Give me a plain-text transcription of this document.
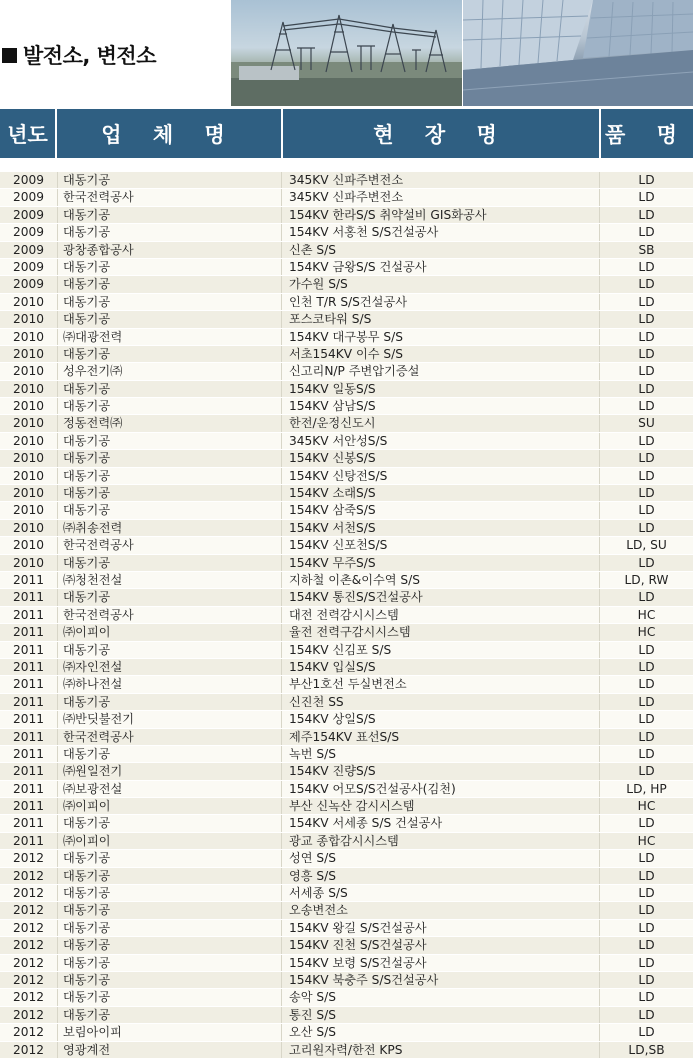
발전소, 변전소
년도	업 체 명	현 장 명	품 명
2009	대동기공	345KV 신파주변전소	LD
2009	한국전력공사	345KV 신파주변전소	LD
2009	대동기공	154KV 한라S/S 취약설비 GIS화공사	LD
2009	대동기공	154KV 서홍천 S/S건설공사	LD
2009	광창종합공사	신촌 S/S	SB
2009	대동기공	154KV 금왕S/S 건설공사	LD
2009	대동기공	가수원 S/S	LD
2010	대동기공	인천 T/R S/S건설공사	LD
2010	대동기공	포스코타워 S/S	LD
2010	㈜대광전력	154KV 대구봉무 S/S	LD
2010	대동기공	서초154KV 이수 S/S	LD
2010	성우전기㈜	신고리N/P 주변압기증설	LD
2010	대동기공	154KV 일동S/S	LD
2010	대동기공	154KV 삼남S/S	LD
2010	정동전력㈜	한전/운정신도시	SU
2010	대동기공	345KV 서안성S/S	LD
2010	대동기공	154KV 신봉S/S	LD
2010	대동기공	154KV 신탕전S/S	LD
2010	대동기공	154KV 소래S/S	LD
2010	대동기공	154KV 삼죽S/S	LD
2010	㈜취송전력	154KV 서천S/S	LD
2010	한국전력공사	154KV 신포천S/S	LD, SU
2010	대동기공	154KV 무주S/S	LD
2011	㈜청천전설	지하철 이촌&이수역 S/S	LD, RW
2011	대동기공	154KV 통진S/S건설공사	LD
2011	한국전력공사	대전 전력감시시스템	HC
2011	㈜이피이	율전 전력구감시시스템	HC
2011	대동기공	154KV 신김포 S/S	LD
2011	㈜자인전설	154KV 입실S/S	LD
2011	㈜하나전설	부산1호선 두실변전소	LD
2011	대동기공	신진천 SS	LD
2011	㈜반딧불전기	154KV 상일S/S	LD
2011	한국전력공사	제주154KV 표선S/S	LD
2011	대동기공	녹번 S/S	LD
2011	㈜원일전기	154KV 진량S/S	LD
2011	㈜보광전설	154KV 어모S/S건설공사(김천)	LD, HP
2011	㈜이피이	부산 신녹산 감시시스템	HC
2011	대동기공	154KV 서세종 S/S 건설공사	LD
2011	㈜이피이	광교 종합감시시스템	HC
2012	대동기공	성연 S/S	LD
2012	대동기공	영흥 S/S	LD
2012	대동기공	서세종 S/S	LD
2012	대동기공	오송변전소	LD
2012	대동기공	154KV 왕길 S/S건설공사	LD
2012	대동기공	154KV 진천 S/S건설공사	LD
2012	대동기공	154KV 보령 S/S건설공사	LD
2012	대동기공	154KV 북충주 S/S건설공사	LD
2012	대동기공	송악 S/S	LD
2012	대동기공	통진 S/S	LD
2012	보림아이피	오산 S/S	LD
2012	영광계전	고리원자력/한전 KPS	LD,SB
